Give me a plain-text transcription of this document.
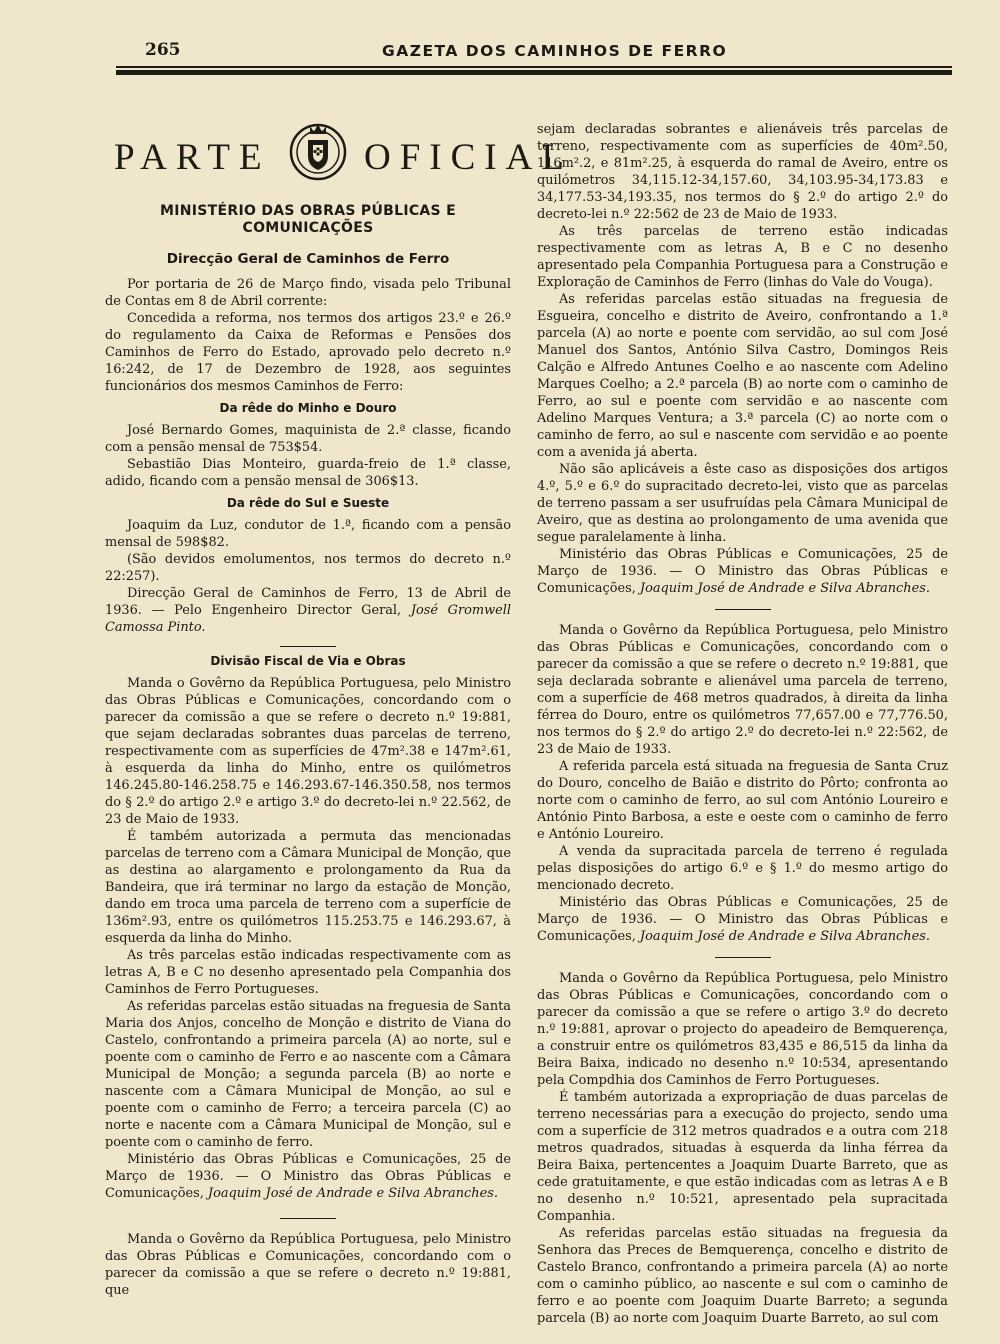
265	GAZETA DOS CAMINHOS DE FERRO
PARTE	OFICIAL
MINISTÉRIO DAS OBRAS PÚBLICAS E COMUNICAÇÕES
Direcção Geral de Caminhos de Ferro

Por portaria de 26 de Março findo, visada pelo Tribunal de Contas em 8 de Abril corrente:

Concedida a reforma, nos termos dos artigos 23.º e 26.º do regulamento da Caixa de Reformas e Pensões dos Caminhos de Ferro do Estado, aprovado pelo decreto n.º 16:242, de 17 de Dezembro de 1928, aos seguintes funcionários dos mesmos Caminhos de Ferro:

Da rêde do Minho e Douro

José Bernardo Gomes, maquinista de 2.ª classe, ficando com a pensão mensal de 753$54.

Sebastião Dias Monteiro, guarda-freio de 1.ª classe, adido, ficando com a pensão mensal de 306$13.

Da rêde do Sul e Sueste

Joaquim da Luz, condutor de 1.ª, ficando com a pensão mensal de 598$82.

(São devidos emolumentos, nos termos do decreto n.º 22:257).

Direcção Geral de Caminhos de Ferro, 13 de Abril de 1936. — Pelo Engenheiro Director Geral, José Gromwell Camossa Pinto.

Divisão Fiscal de Via e Obras

Manda o Govêrno da República Portuguesa, pelo Ministro das Obras Públicas e Comunicações, concordando com o parecer da comissão a que se refere o decreto n.º 19:881, que sejam declaradas sobrantes duas parcelas de terreno, respectivamente com as superfícies de 47m².38 e 147m².61, à esquerda da linha do Minho, entre os quilómetros 146.245.80-146.258.75 e 146.293.67-146.350.58, nos termos do § 2.º do artigo 2.º e artigo 3.º do decreto-lei n.º 22.562, de 23 de Maio de 1933.

É também autorizada a permuta das mencionadas parcelas de terreno com a Câmara Municipal de Monção, que as destina ao alargamento e prolongamento da Rua da Bandeira, que irá terminar no largo da estação de Monção, dando em troca uma parcela de terreno com a superfície de 136m².93, entre os quilómetros 115.253.75 e 146.293.67, à esquerda da linha do Minho.

As três parcelas estão indicadas respectivamente com as letras A, B e C no desenho apresentado pela Companhia dos Caminhos de Ferro Portugueses.

As referidas parcelas estão situadas na freguesia de Santa Maria dos Anjos, concelho de Monção e distrito de Viana do Castelo, confrontando a primeira parcela (A) ao norte, sul e poente com o caminho de Ferro e ao nascente com a Câmara Municipal de Monção; a segunda parcela (B) ao norte e nascente com a Câmara Municipal de Monção, ao sul e poente com o caminho de Ferro; a terceira parcela (C) ao norte e nacente com a Câmara Municipal de Monção, sul e poente com o caminho de ferro.

Ministério das Obras Públicas e Comunicações, 25 de Março de 1936. — O Ministro das Obras Públicas e Comunicações, Joaquim José de Andrade e Silva Abranches.

Manda o Govêrno da República Portuguesa, pelo Ministro das Obras Públicas e Comunicações, concordando com o parecer da comissão a que se refere o decreto n.º 19:881, que

sejam declaradas sobrantes e alienáveis três parcelas de terreno, respectivamente com as superfícies de 40m².50, 116m².2, e 81m².25, à esquerda do ramal de Aveiro, entre os quilómetros 34,115.12-34,157.60, 34,103.95-34,173.83 e 34,177.53-34,193.35, nos termos do § 2.º do artigo 2.º do decreto-lei n.º 22:562 de 23 de Maio de 1933.

As três parcelas de terreno estão indicadas respectivamente com as letras A, B e C no desenho apresentado pela Companhia Portuguesa para a Construção e Exploração de Caminhos de Ferro (linhas do Vale do Vouga).

As referidas parcelas estão situadas na freguesia de Esgueira, concelho e distrito de Aveiro, confrontando a 1.ª parcela (A) ao norte e poente com servidão, ao sul com José Manuel dos Santos, António Silva Castro, Domingos Reis Calção e Alfredo Antunes Coelho e ao nascente com Adelino Marques Coelho; a 2.ª parcela (B) ao norte com o caminho de Ferro, ao sul e poente com servidão e ao nascente com Adelino Marques Ventura; a 3.ª parcela (C) ao norte com o caminho de ferro, ao sul e nascente com servidão e ao poente com a avenida já aberta.

Não são aplicáveis a êste caso as disposições dos artigos 4.º, 5.º e 6.º do supracitado decreto-lei, visto que as parcelas de terreno passam a ser usufruídas pela Câmara Municipal de Aveiro, que as destina ao prolongamento de uma avenida que segue paralelamente à linha.

Ministério das Obras Públicas e Comunicações, 25 de Março de 1936. — O Ministro das Obras Públicas e Comunicações, Joaquim José de Andrade e Silva Abranches.

Manda o Govêrno da República Portuguesa, pelo Ministro das Obras Públicas e Comunicações, concordando com o parecer da comissão a que se refere o decreto n.º 19:881, que seja declarada sobrante e alienável uma parcela de terreno, com a superfície de 468 metros quadrados, à direita da linha férrea do Douro, entre os quilómetros 77,657.00 e 77,776.50, nos termos do § 2.º do artigo 2.º do decreto-lei n.º 22:562, de 23 de Maio de 1933.

A referida parcela está situada na freguesia de Santa Cruz do Douro, concelho de Baião e distrito do Pôrto; confronta ao norte com o caminho de ferro, ao sul com António Loureiro e António Pinto Barbosa, a este e oeste com o caminho de ferro e António Loureiro.

A venda da supracitada parcela de terreno é regulada pelas disposições do artigo 6.º e § 1.º do mesmo artigo do mencionado decreto.

Ministério das Obras Públicas e Comunicações, 25 de Março de 1936. — O Ministro das Obras Públicas e Comunicações, Joaquim José de Andrade e Silva Abranches.

Manda o Govêrno da República Portuguesa, pelo Ministro das Obras Públicas e Comunicações, concordando com o parecer da comissão a que se refere o artigo 3.º do decreto n.º 19:881, aprovar o projecto do apeadeiro de Bemquerença, a construir entre os quilómetros 83,435 e 86,515 da linha da Beira Baixa, indicado no desenho n.º 10:534, apresentando pela Compdhia dos Caminhos de Ferro Portugueses.

É também autorizada a expropriação de duas parcelas de terreno necessárias para a execução do projecto, sendo uma com a superfície de 312 metros quadrados e a outra com 218 metros quadrados, situadas à esquerda da linha férrea da Beira Baixa, pertencentes a Joaquim Duarte Barreto, que as cede gratuitamente, e que estão indicadas com as letras A e B no desenho n.º 10:521, apresentado pela supracitada Companhia.

As referidas parcelas estão situadas na freguesia da Senhora das Preces de Bemquerença, concelho e distrito de Castelo Branco, confrontando a primeira parcela (A) ao norte com o caminho público, ao nascente e sul com o caminho de ferro e ao poente com Joaquim Duarte Barreto; a segunda parcela (B) ao norte com Joaquim Duarte Barreto, ao sul com
